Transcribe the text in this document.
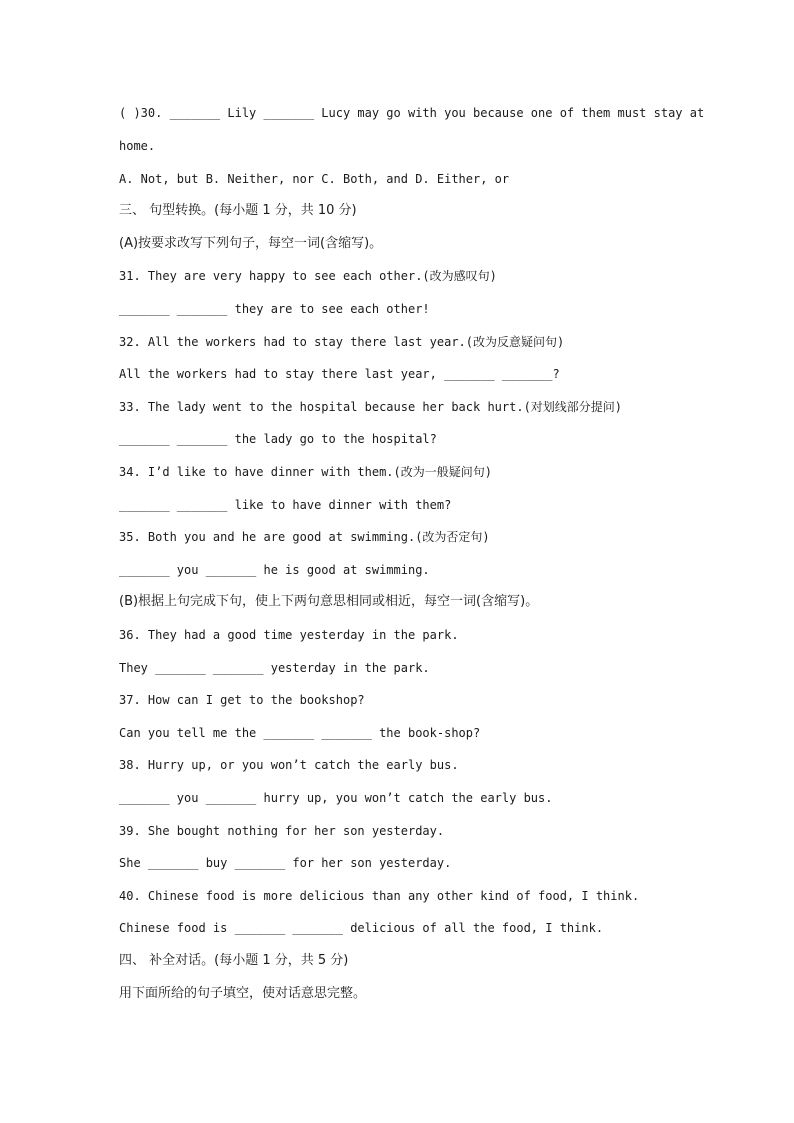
( )30. _______ Lily _______ Lucy may go with you because one of them must stay at
home.
A. Not, but B. Neither, nor C. Both, and D. Either, or
三、 句型转换。(每小题 1 分，共 10 分)
(A)按要求改写下列句子，每空一词(含缩写)。
31. They are very happy to see each other.(改为感叹句)
_______ _______ they are to see each other!
32. All the workers had to stay there last year.(改为反意疑问句)
All the workers had to stay there last year, _______ _______?
33. The lady went to the hospital because her back hurt.(对划线部分提问)
_______ _______ the lady go to the hospital?
34. I’d like to have dinner with them.(改为一般疑问句)
_______ _______ like to have dinner with them?
35. Both you and he are good at swimming.(改为否定句)
_______ you _______ he is good at swimming.
(B)根据上句完成下句，使上下两句意思相同或相近，每空一词(含缩写)。
36. They had a good time yesterday in the park.
They _______ _______ yesterday in the park.
37. How can I get to the bookshop?
Can you tell me the _______ _______ the book-shop?
38. Hurry up, or you won’t catch the early bus.
_______ you _______ hurry up, you won’t catch the early bus.
39. She bought nothing for her son yesterday.
She _______ buy _______ for her son yesterday.
40. Chinese food is more delicious than any other kind of food, I think.
Chinese food is _______ _______ delicious of all the food, I think.
四、 补全对话。(每小题 1 分，共 5 分)
用下面所给的句子填空，使对话意思完整。
